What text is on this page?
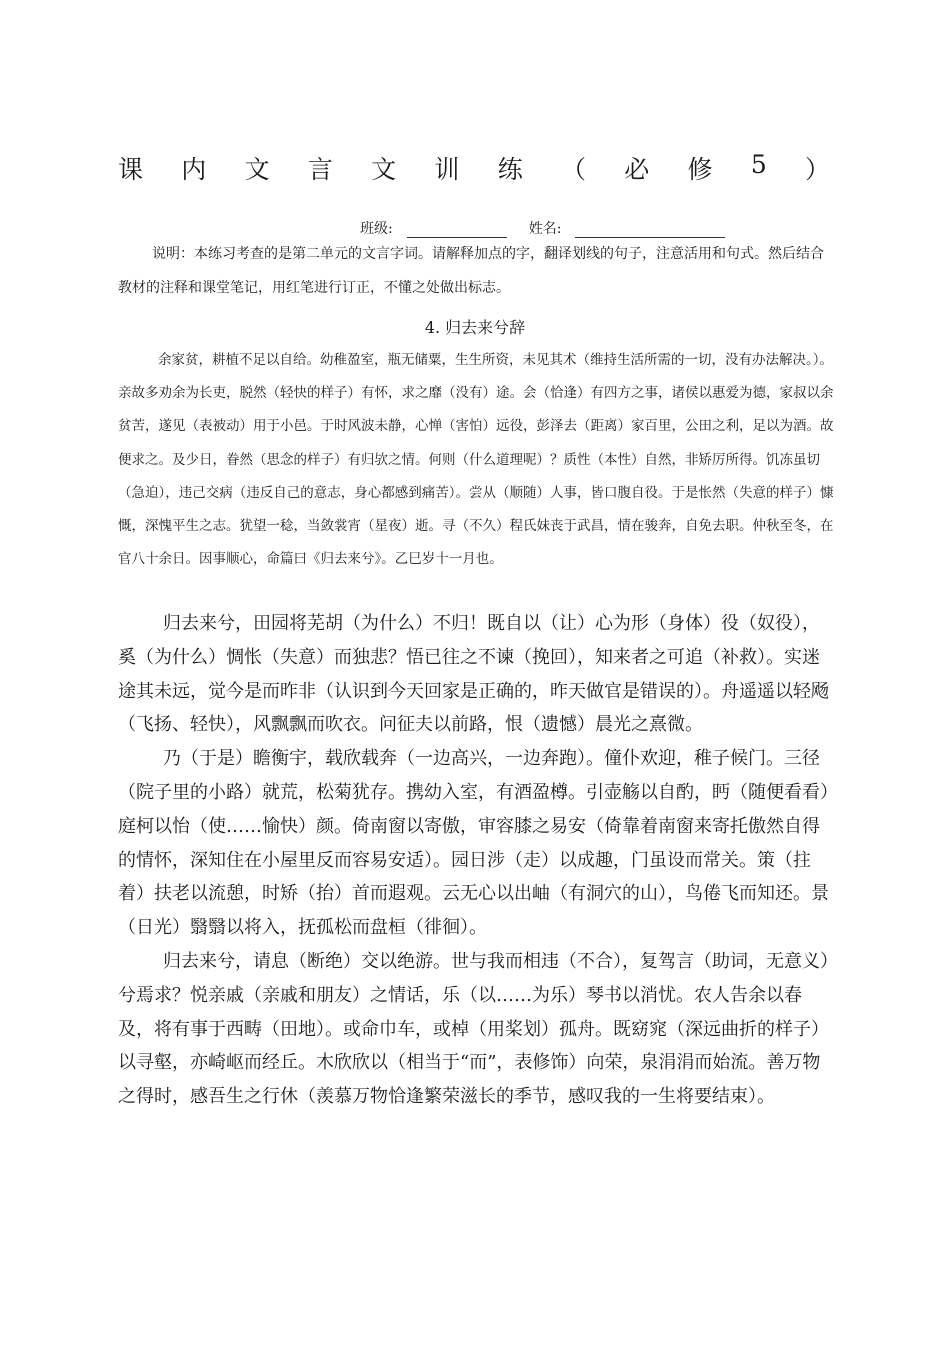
课 内 文 言 文 训 练 （ 必 修 5 ）
班级:	姓名:
说明：本练习考查的是第二单元的文言字词。请解释加点的字，翻译划线的句子，注意活用和句式。然后结合教材的注释和课堂笔记，用红笔进行订正，不懂之处做出标志。
4. 归去来兮辞

余家贫，耕植不足以自给。幼稚盈室，瓶无储粟，生生所资，未见其术（维持生活所需的一切，没有办法解决。）。亲故多劝余为长吏，脱然（轻快的样子）有怀，求之靡（没有）途。会（恰逢）有四方之事，诸侯以惠爱为德，家叔以余贫苦，遂见（表被动）用于小邑。于时风波未静，心惮（害怕）远役，彭泽去（距离）家百里，公田之利，足以为酒。故便求之。及少日，眷然（思念的样子）有归欤之情。何则（什么道理呢）？质性（本性）自然，非矫厉所得。饥冻虽切（急迫），违己交病（违反自己的意志，身心都感到痛苦）。尝从（顺随）人事，皆口腹自役。于是怅然（失意的样子）慷慨，深愧平生之志。犹望一稔，当敛裳宵（星夜）逝。寻（不久）程氏妹丧于武昌，情在骏奔，自免去职。仲秋至冬，在官八十余日。因事顺心，命篇曰《归去来兮》。乙巳岁十一月也。

归去来兮，田园将芜胡（为什么）不归！既自以（让）心为形（身体）役（奴役），奚（为什么）惆怅（失意）而独悲？悟已往之不谏（挽回），知来者之可追（补救）。实迷途其未远，觉今是而昨非（认识到今天回家是正确的，昨天做官是错误的）。舟遥遥以轻飏（飞扬、轻快），风飘飘而吹衣。问征夫以前路，恨（遗憾）晨光之熹微。

乃（于是）瞻衡宇，载欣载奔（一边高兴，一边奔跑）。僮仆欢迎，稚子候门。三径（院子里的小路）就荒，松菊犹存。携幼入室，有酒盈樽。引壶觞以自酌，眄（随便看看）庭柯以怡（使……愉快）颜。倚南窗以寄傲，审容膝之易安（倚靠着南窗来寄托傲然自得的情怀，深知住在小屋里反而容易安适）。园日涉（走）以成趣，门虽设而常关。策（拄着）扶老以流憩，时矫（抬）首而遐观。云无心以出岫（有洞穴的山），鸟倦飞而知还。景（日光）翳翳以将入，抚孤松而盘桓（徘徊）。

归去来兮，请息（断绝）交以绝游。世与我而相违（不合），复驾言（助词，无意义）兮焉求？悦亲戚（亲戚和朋友）之情话，乐（以……为乐）琴书以消忧。农人告余以春及，将有事于西畴（田地）。或命巾车，或棹（用桨划）孤舟。既窈窕（深远曲折的样子）以寻壑，亦崎岖而经丘。木欣欣以（相当于“而”，表修饰）向荣，泉涓涓而始流。善万物之得时，感吾生之行休（羡慕万物恰逢繁荣滋长的季节，感叹我的一生将要结束）。
